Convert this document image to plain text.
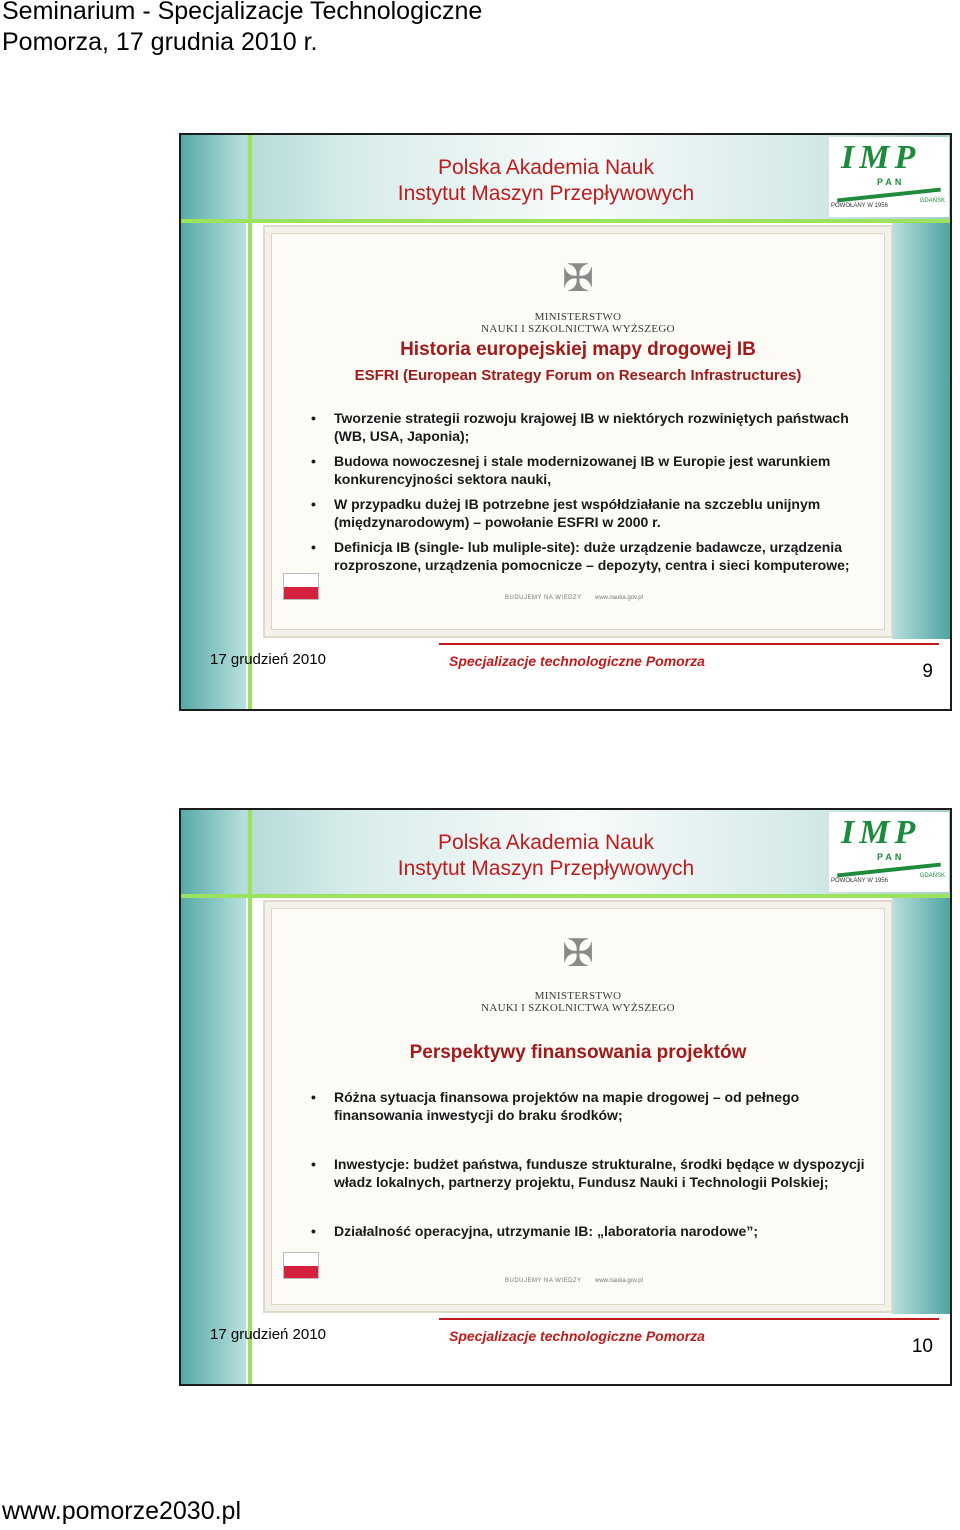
Seminarium - Specjalizacje Technologiczne Pomorza, 17 grudnia 2010 r.
Polska Akademia Nauk
Instytut Maszyn Przepływowych
IMP
PAN
POWOŁANY W 1956
GDAŃSK
✠
MINISTERSTWO
NAUKI I SZKOLNICTWA WYŻSZEGO
Historia europejskiej mapy drogowej IB
ESFRI (European Strategy Forum on Research Infrastructures)
• Tworzenie strategii rozwoju krajowej IB w niektórych rozwiniętych państwach (WB, USA, Japonia);
• Budowa nowoczesnej i stale modernizowanej IB w Europie jest warunkiem konkurencyjności sektora nauki,
• W przypadku dużej IB potrzebne jest współdziałanie na szczeblu unijnym (międzynarodowym) – powołanie ESFRI w 2000 r.
• Definicja IB (single- lub muliple-site): duże urządzenie badawcze, urządzenia rozproszone, urządzenia pomocnicze – depozyty, centra i sieci komputerowe;
BUDUJEMY NA WIEDZY www.nauka.gov.pl
17 grudzień 2010	Specjalizacje technologiczne Pomorza	9
Polska Akademia Nauk
Instytut Maszyn Przepływowych
IMP
PAN
POWOŁANY W 1956
GDAŃSK
✠
MINISTERSTWO
NAUKI I SZKOLNICTWA WYŻSZEGO
Perspektywy finansowania projektów
• Różna sytuacja finansowa projektów na mapie drogowej – od pełnego finansowania inwestycji do braku środków;
• Inwestycje: budżet państwa, fundusze strukturalne, środki będące w dyspozycji władz lokalnych, partnerzy projektu, Fundusz Nauki i Technologii Polskiej;
• Działalność operacyjna, utrzymanie IB: „laboratoria narodowe”;
BUDUJEMY NA WIEDZY www.nauka.gov.pl
17 grudzień 2010	Specjalizacje technologiczne Pomorza	10
www.pomorze2030.pl
